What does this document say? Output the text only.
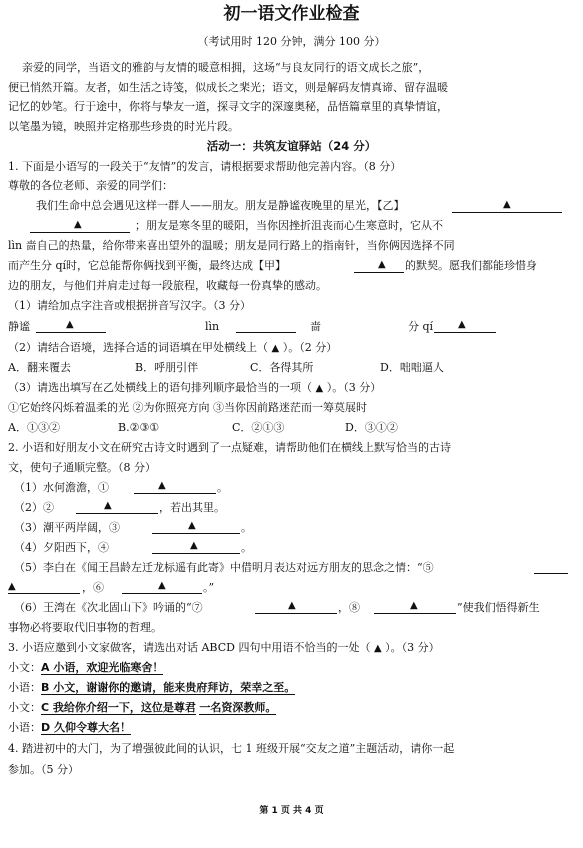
初一语文作业检查
（考试用时 120 分钟，满分 100 分）
亲爱的同学，当语文的雅韵与友情的暖意相拥，这场“与良友同行的语文成长之旅”，
便已悄然开篇。友者，如生活之诗笺，似成长之棐光；语文，则是解码友情真谛、留存温暖
记忆的妙笔。行于途中，你将与挚友一道，探寻文字的深邃奥秘，品悟篇章里的真挚情谊，
以笔墨为镜，映照并定格那些珍贵的时光片段。
活动一：共筑友谊驿站（24 分）
1. 下面是小语写的一段关于“友情”的发言，请根据要求帮助他完善内容。（8 分）
尊敬的各位老师、亲爱的同学们：
我们生命中总会遇见这样一群人——朋友。朋友是静谧夜晚里的星光，【乙】	▲
▲	；朋友是寒冬里的暖阳，当你因挫折沮丧而心生寒意时，它从不
lìn 啬自己的热量，给你带来喜出望外的温暖；朋友是同行路上的指南针，当你俩因选择不同
而产生分 qí时，它总能帮你俩找到平衡，最终达成【甲】	▲ 的默契。愿我们都能珍惜身
边的朋友，与他们并肩走过每一段旅程，收藏每一份真挚的感动。
（1）请给加点字注音或根据拼音写汉字。（3 分）
静谧	▲	lìn	啬	分 qí ▲
（2）请结合语境，选择合适的词语填在甲处横线上（ ▲ ）。（2 分）
A．翻来覆去	B．呼朋引伴	C．各得其所	D．咄咄逼人
（3）请选出填写在乙处横线上的语句排列顺序最恰当的一项（ ▲ ）。（3 分）
①它始终闪烁着温柔的光 ②为你照亮方向 ③当你因前路迷茫而一筹莫展时
A．①③②	B.②③①	C．②①③	D．③①②
2. 小语和好朋友小文在研究古诗文时遇到了一点疑难，请帮助他们在横线上默写恰当的古诗
文，使句子通顺完整。（8 分）
（1）水何澹澹，①	▲	。
（2）②	▲	，若出其里。
（3）潮平两岸阔，③	▲	。
（4）夕阳西下，④	▲	。
（5）李白在《闻王昌龄左迁龙标遥有此寄》中借明月表达对远方朋友的思念之情：“⑤
▲	，⑥	▲	。”
（6）王湾在《次北固山下》吟诵的“⑦	▲	，⑧	▲	”使我们悟得新生
事物必将要取代旧事物的哲理。
3. 小语应邀到小文家做客，请选出对话 ABCD 四句中用语不恰当的一处（ ▲ ）。（3 分）
小文：A 小语，欢迎光临寒舍！
小语：B 小文，谢谢你的邀请，能来贵府拜访，荣幸之至。
小文：C 我给你介绍一下，这位是尊君 一名资深教师。
小语：D 久仰令尊大名！
4. 踏进初中的大门，为了增强彼此间的认识，七 1 班级开展“交友之道”主题活动，请你一起
参加。（5 分）
第 1 页 共 4 页
